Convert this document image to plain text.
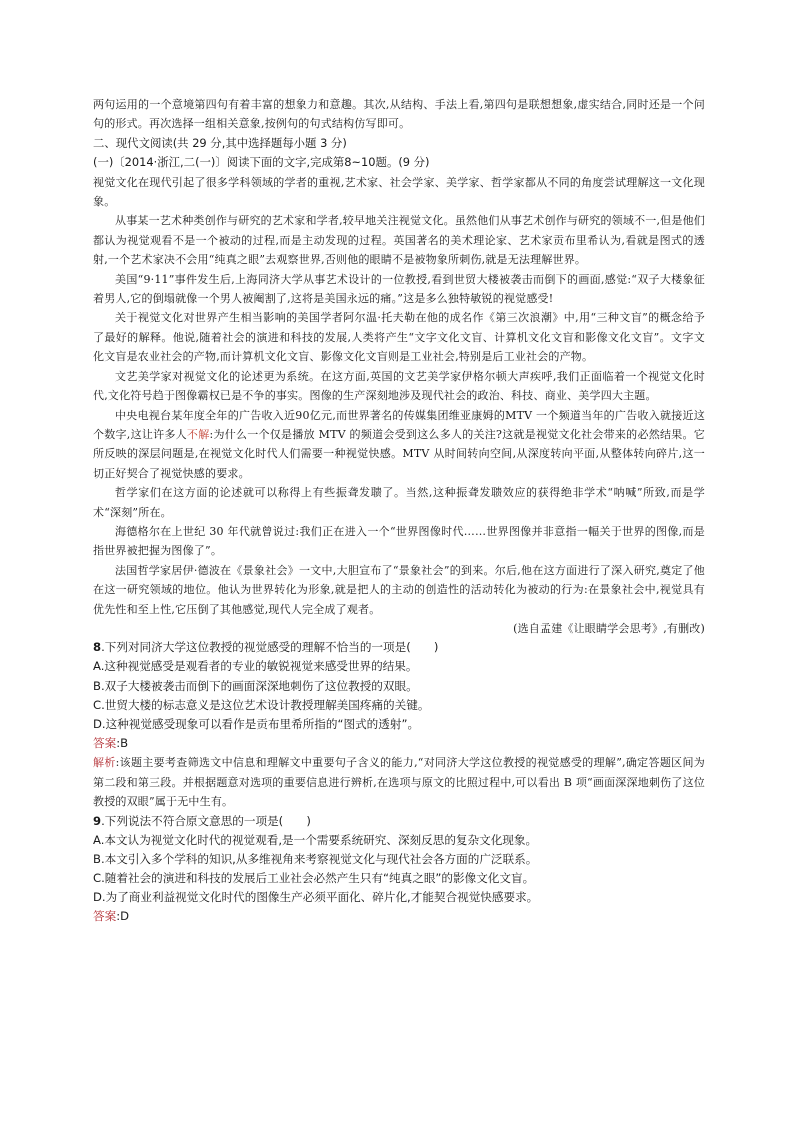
两句运用的一个意境第四句有着丰富的想象力和意趣。其次,从结构、手法上看,第四句是联想想象,虚实结合,同时还是一个问句的形式。再次选择一组相关意象,按例句的句式结构仿写即可。

二、现代文阅读(共 29 分,其中选择题每小题 3 分)

(一)〔2014·浙江,二(一)〕阅读下面的文字,完成第8~10题。(9 分)

视觉文化在现代引起了很多学科领域的学者的重视,艺术家、社会学家、美学家、哲学家都从不同的角度尝试理解这一文化现象。

从事某一艺术种类创作与研究的艺术家和学者,较早地关注视觉文化。虽然他们从事艺术创作与研究的领域不一,但是他们都认为视觉观看不是一个被动的过程,而是主动发现的过程。英国著名的美术理论家、艺术家贡布里希认为,看就是图式的透射,一个艺术家决不会用“纯真之眼”去观察世界,否则他的眼睛不是被物象所刺伤,就是无法理解世界。

美国“9·11”事件发生后,上海同济大学从事艺术设计的一位教授,看到世贸大楼被袭击而倒下的画面,感觉:“双子大楼象征着男人,它的倒塌就像一个男人被阉割了,这将是美国永远的痛。”这是多么独特敏锐的视觉感受!

关于视觉文化对世界产生相当影响的美国学者阿尔温·托夫勒在他的成名作《第三次浪潮》中,用“三种文盲”的概念给予了最好的解释。他说,随着社会的演进和科技的发展,人类将产生“文字文化文盲、计算机文化文盲和影像文化文盲”。文字文化文盲是农业社会的产物,而计算机文化文盲、影像文化文盲则是工业社会,特别是后工业社会的产物。

文艺美学家对视觉文化的论述更为系统。在这方面,英国的文艺美学家伊格尔顿大声疾呼,我们正面临着一个视觉文化时代,文化符号趋于图像霸权已是不争的事实。图像的生产深刻地涉及现代社会的政治、科技、商业、美学四大主题。

中央电视台某年度全年的广告收入近90亿元,而世界著名的传媒集团维亚康姆的MTV 一个频道当年的广告收入就接近这个数字,这让许多人不解:为什么一个仅是播放 MTV 的频道会受到这么多人的关注?这就是视觉文化社会带来的必然结果。它所反映的深层问题是,在视觉文化时代人们需要一种视觉快感。MTV 从时间转向空间,从深度转向平面,从整体转向碎片,这一切正好契合了视觉快感的要求。

哲学家们在这方面的论述就可以称得上有些振聋发聩了。当然,这种振聋发聩效应的获得绝非学术“呐喊”所致,而是学术“深刻”所在。

海德格尔在上世纪 30 年代就曾说过:我们正在进入一个“世界图像时代……世界图像并非意指一幅关于世界的图像,而是指世界被把握为图像了”。

法国哲学家居伊·德波在《景象社会》一文中,大胆宣布了“景象社会”的到来。尔后,他在这方面进行了深入研究,奠定了他在这一研究领域的地位。他认为世界转化为形象,就是把人的主动的创造性的活动转化为被动的行为:在景象社会中,视觉具有优先性和至上性,它压倒了其他感觉,现代人完全成了观者。

(选自孟建《让眼睛学会思考》,有删改)

8.下列对同济大学这位教授的视觉感受的理解不恰当的一项是(　　)

A.这种视觉感受是观看者的专业的敏锐视觉来感受世界的结果。

B.双子大楼被袭击而倒下的画面深深地刺伤了这位教授的双眼。

C.世贸大楼的标志意义是这位艺术设计教授理解美国疼痛的关键。

D.这种视觉感受现象可以看作是贡布里希所指的“图式的透射”。

答案:B

解析:该题主要考查筛选文中信息和理解文中重要句子含义的能力,“对同济大学这位教授的视觉感受的理解”,确定答题区间为第二段和第三段。并根据题意对选项的重要信息进行辨析,在选项与原文的比照过程中,可以看出 B 项“画面深深地刺伤了这位教授的双眼”属于无中生有。

9.下列说法不符合原文意思的一项是(　　)

A.本文认为视觉文化时代的视觉观看,是一个需要系统研究、深刻反思的复杂文化现象。

B.本文引入多个学科的知识,从多维视角来考察视觉文化与现代社会各方面的广泛联系。

C.随着社会的演进和科技的发展后工业社会必然产生只有“纯真之眼”的影像文化文盲。

D.为了商业利益视觉文化时代的图像生产必须平面化、碎片化,才能契合视觉快感要求。

答案:D
